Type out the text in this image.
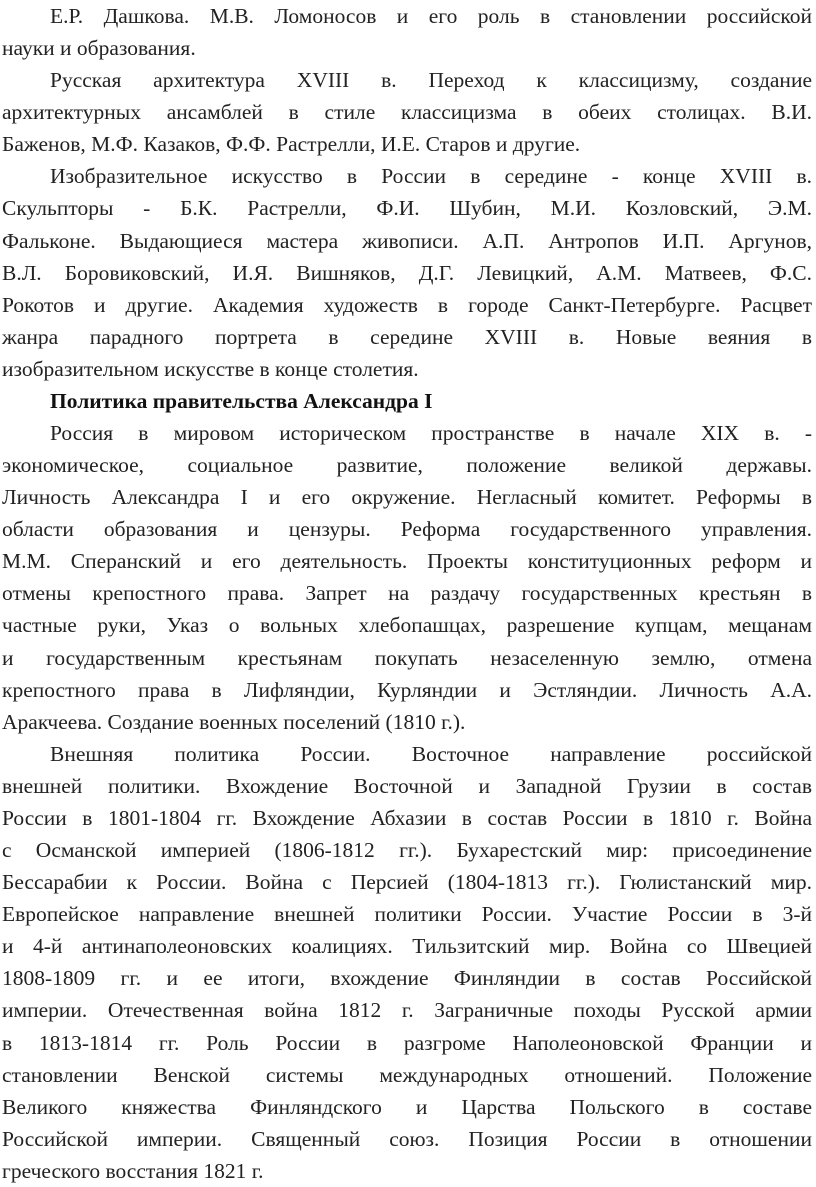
Е.Р. Дашкова. М.В. Ломоносов и его роль в становлении российской
науки и образования.
Русская архитектура XVIII в. Переход к классицизму, создание
архитектурных ансамблей в стиле классицизма в обеих столицах. В.И.
Баженов, М.Ф. Казаков, Ф.Ф. Растрелли, И.Е. Старов и другие.
Изобразительное искусство в России в середине - конце XVIII в.
Скульпторы - Б.К. Растрелли, Ф.И. Шубин, М.И. Козловский, Э.М.
Фальконе. Выдающиеся мастера живописи. А.П. Антропов И.П. Аргунов,
В.Л. Боровиковский, И.Я. Вишняков, Д.Г. Левицкий, А.М. Матвеев, Ф.С.
Рокотов и другие. Академия художеств в городе Санкт-Петербурге. Расцвет
жанра парадного портрета в середине XVIII в. Новые веяния в
изобразительном искусстве в конце столетия.
Политика правительства Александра I
Россия в мировом историческом пространстве в начале XIX в. -
экономическое, социальное развитие, положение великой державы.
Личность Александра I и его окружение. Негласный комитет. Реформы в
области образования и цензуры. Реформа государственного управления.
М.М. Сперанский и его деятельность. Проекты конституционных реформ и
отмены крепостного права. Запрет на раздачу государственных крестьян в
частные руки, Указ о вольных хлебопашцах, разрешение купцам, мещанам
и государственным крестьянам покупать незаселенную землю, отмена
крепостного права в Лифляндии, Курляндии и Эстляндии. Личность А.А.
Аракчеева. Создание военных поселений (1810 г.).
Внешняя политика России. Восточное направление российской
внешней политики. Вхождение Восточной и Западной Грузии в состав
России в 1801-1804 гг. Вхождение Абхазии в состав России в 1810 г. Война
с Османской империей (1806-1812 гг.). Бухарестский мир: присоединение
Бессарабии к России. Война с Персией (1804-1813 гг.). Гюлистанский мир.
Европейское направление внешней политики России. Участие России в 3-й
и 4-й антинаполеоновских коалициях. Тильзитский мир. Война со Швецией
1808-1809 гг. и ее итоги, вхождение Финляндии в состав Российской
империи. Отечественная война 1812 г. Заграничные походы Русской армии
в 1813-1814 гг. Роль России в разгроме Наполеоновской Франции и
становлении Венской системы международных отношений. Положение
Великого княжества Финляндского и Царства Польского в составе
Российской империи. Священный союз. Позиция России в отношении
греческого восстания 1821 г.
